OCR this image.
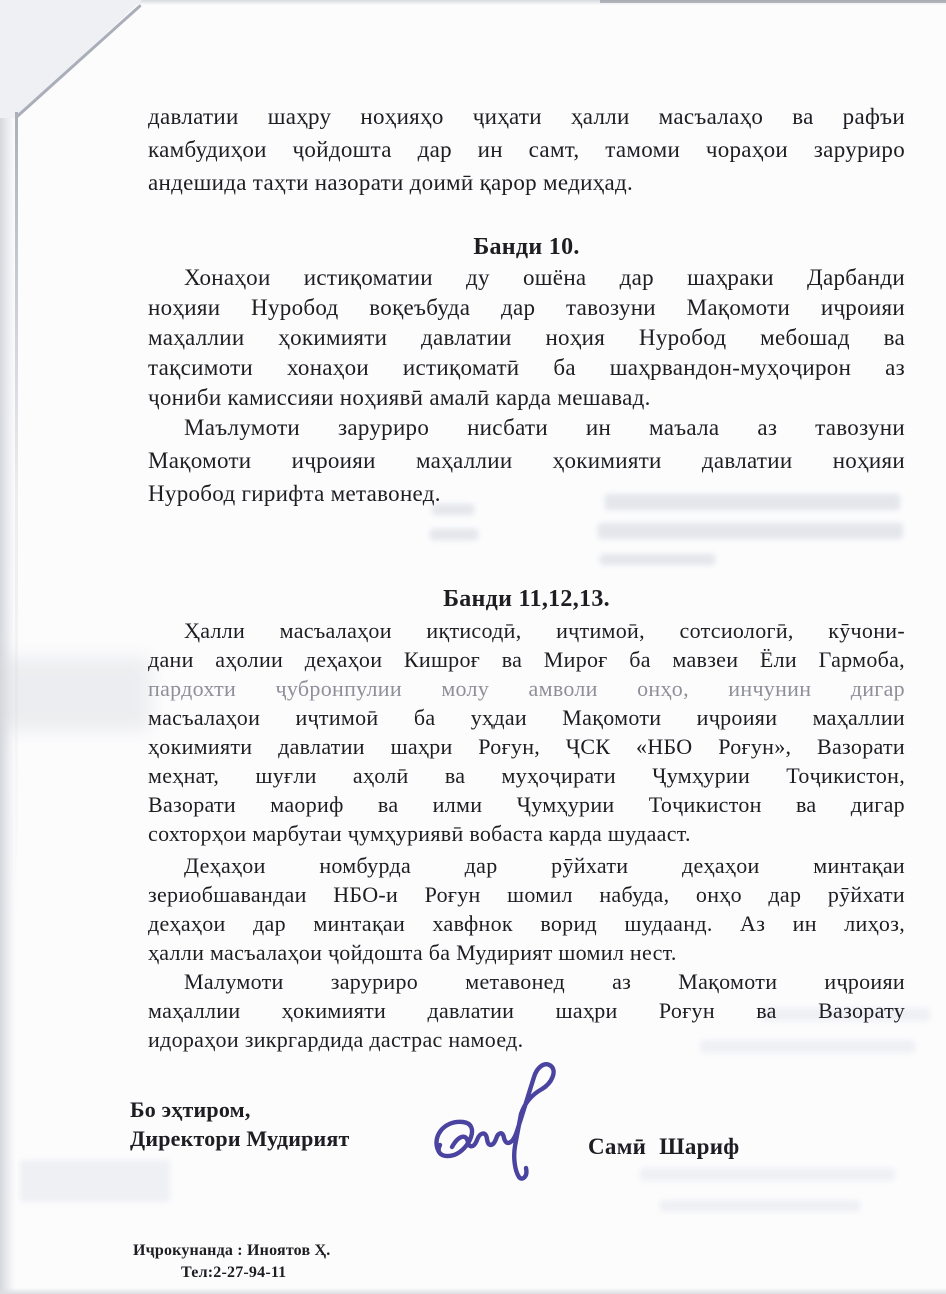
давлатии шаҳру ноҳияҳо ҷиҳати ҳалли масъалаҳо ва рафъи
камбудиҳои ҷойдошта дар ин самт, тамоми чораҳои заруриро
андешида таҳти назорати доимӣ қарор медиҳад.
Банди 10.
Хонаҳои истиқоматии ду ошёна дар шаҳраки Дарбанди
ноҳияи Нуробод воқеъбуда дар тавозуни Мақомоти иҷроияи
маҳаллии ҳокимияти давлатии ноҳия Нуробод мебошад ва
тақсимоти хонаҳои истиқоматӣ ба шаҳрвандон-муҳоҷирон аз
ҷониби камиссияи ноҳиявӣ амалӣ карда мешавад.
Маълумоти заруриро нисбати ин маъала аз тавозуни
Мақомоти иҷроияи маҳаллии ҳокимияти давлатии ноҳияи
Нуробод гирифта метавонед.
Банди 11,12,13.
Ҳалли масъалаҳои иқтисодӣ, иҷтимоӣ, сотсиологӣ, кӯчони-
дани аҳолии деҳаҳои Кишроғ ва Мироғ ба мавзеи Ёли Гармоба,
пардохти ҷубронпулии молу амволи онҳо, инчунин дигар
масъалаҳои иҷтимоӣ ба уҳдаи Мақомоти иҷроияи маҳаллии
ҳокимияти давлатии шаҳри Роғун, ҶСК «НБО Роғун», Вазорати
меҳнат, шуғли аҳолӣ ва муҳоҷирати Ҷумҳурии Тоҷикистон,
Вазорати маориф ва илми Ҷумҳурии Тоҷикистон ва дигар
сохторҳои марбутаи ҷумҳуриявӣ вобаста карда шудааст.
Деҳаҳои номбурда дар рӯйхати деҳаҳои минтақаи
зериобшавандаи НБО-и Роғун шомил набуда, онҳо дар рӯйхати
деҳаҳои дар минтақаи хавфнок ворид шудаанд. Аз ин лиҳоз,
ҳалли масъалаҳои ҷойдошта ба Мудирият шомил нест.
Малумоти заруриро метавонед аз Мақомоти иҷроияи
маҳаллии ҳокимияти давлатии шаҳри Роғун ва Вазорату
идораҳои зикргардида дастрас намоед.
Бо эҳтиром,
Директори Мудирият	Самӣ Шариф
Иҷрокунанда : Иноятов Ҳ.
Тел:2-27-94-11
